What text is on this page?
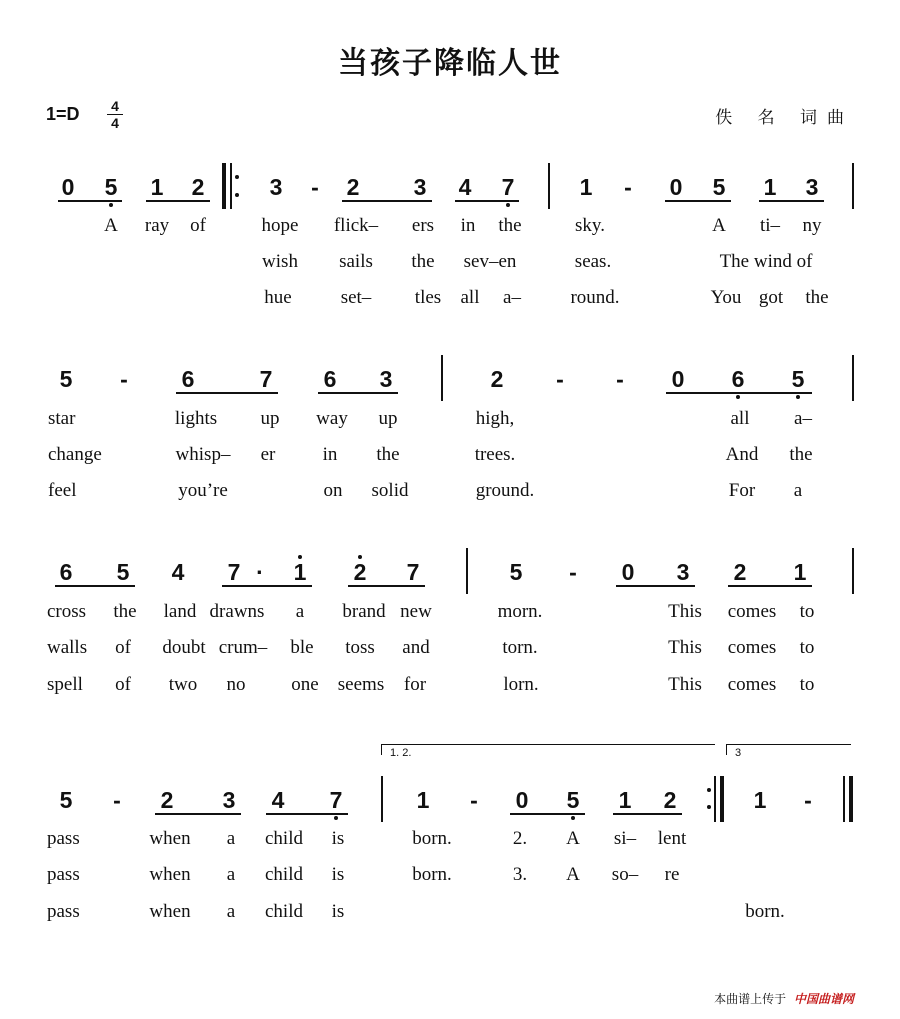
当孩子降临人世
$1=D \frac{4}{4}$	佚 名 词曲
0	5	1	2	3	-	2	3	4	7	1	-	0	5	1	3
A ray of	hope flick– ers in the	sky.	A ti– ny
wish sails the sev–en	seas.	The wind of
hue	set– tles all a–	round.	You got the
5	-	6	7	6	3	2	-	-	0	6	5
star	lights up way up	high,	all a–
change	whisp– er in the	trees.	And the
feel	you’re	on solid	ground.	For a
6	5	4	7 ·	1	2	7	5	-	0	3	2	1
cross the land drawns a brand new	morn.	This comes to
walls of doubt crum– ble toss and	torn.	This comes to
spell of two no one seems for	lorn.	This comes to
1. 2.	3
5	-	2	3	4	7	1	-	0	5	1	2	1	-
pass	when a child is	born.	2. A si– lent
pass	when a child is	born.	3. A so– re
pass	when a child is	born.
本曲谱上传于 中国曲谱网
